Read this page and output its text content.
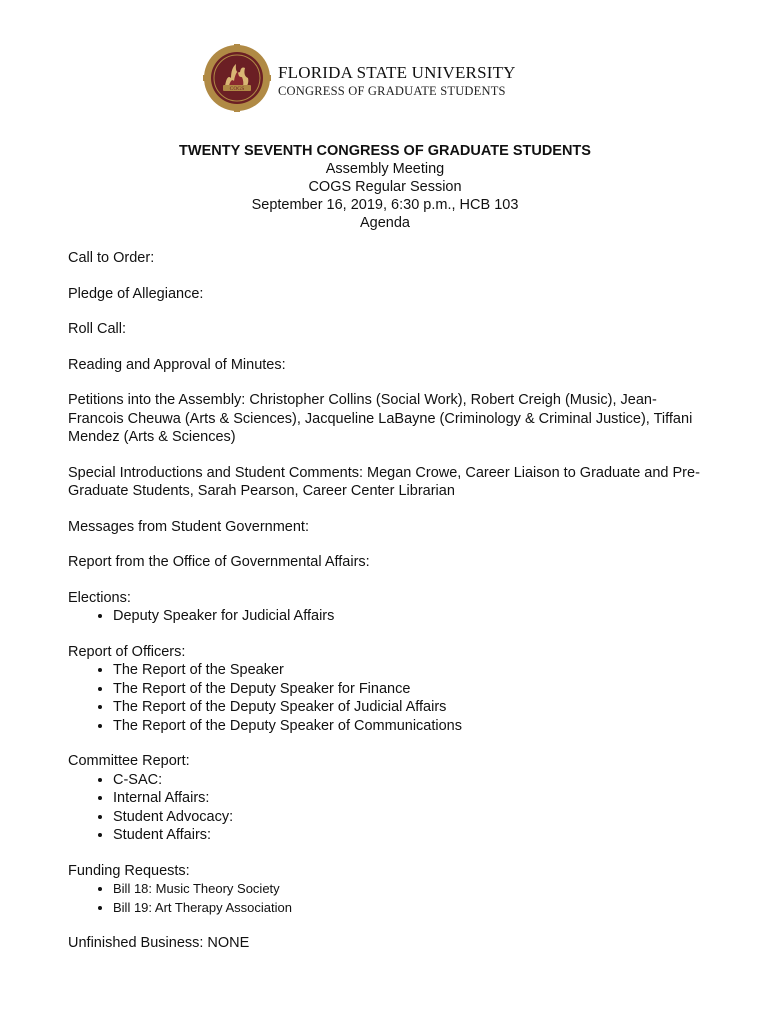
COGS
FLORIDA STATE UNIVERSITY
CONGRESS OF GRADUATE STUDENTS
TWENTY SEVENTH CONGRESS OF GRADUATE STUDENTS
Assembly Meeting
COGS Regular Session
September 16, 2019, 6:30 p.m., HCB 103
Agenda

Call to Order:

Pledge of Allegiance:

Roll Call:

Reading and Approval of Minutes:

Petitions into the Assembly: Christopher Collins (Social Work), Robert Creigh (Music), Jean-Francois Cheuwa (Arts & Sciences), Jacqueline LaBayne (Criminology & Criminal Justice), Tiffani Mendez (Arts & Sciences)

Special Introductions and Student Comments: Megan Crowe, Career Liaison to Graduate and Pre-Graduate Students, Sarah Pearson, Career Center Librarian

Messages from Student Government:

Report from the Office of Governmental Affairs:

Elections:

• Deputy Speaker for Judicial Affairs

Report of Officers:

• The Report of the Speaker
• The Report of the Deputy Speaker for Finance
• The Report of the Deputy Speaker of Judicial Affairs
• The Report of the Deputy Speaker of Communications

Committee Report:

• C-SAC:
• Internal Affairs:
• Student Advocacy:
• Student Affairs:

Funding Requests:

• Bill 18: Music Theory Society
• Bill 19: Art Therapy Association

Unfinished Business: NONE
